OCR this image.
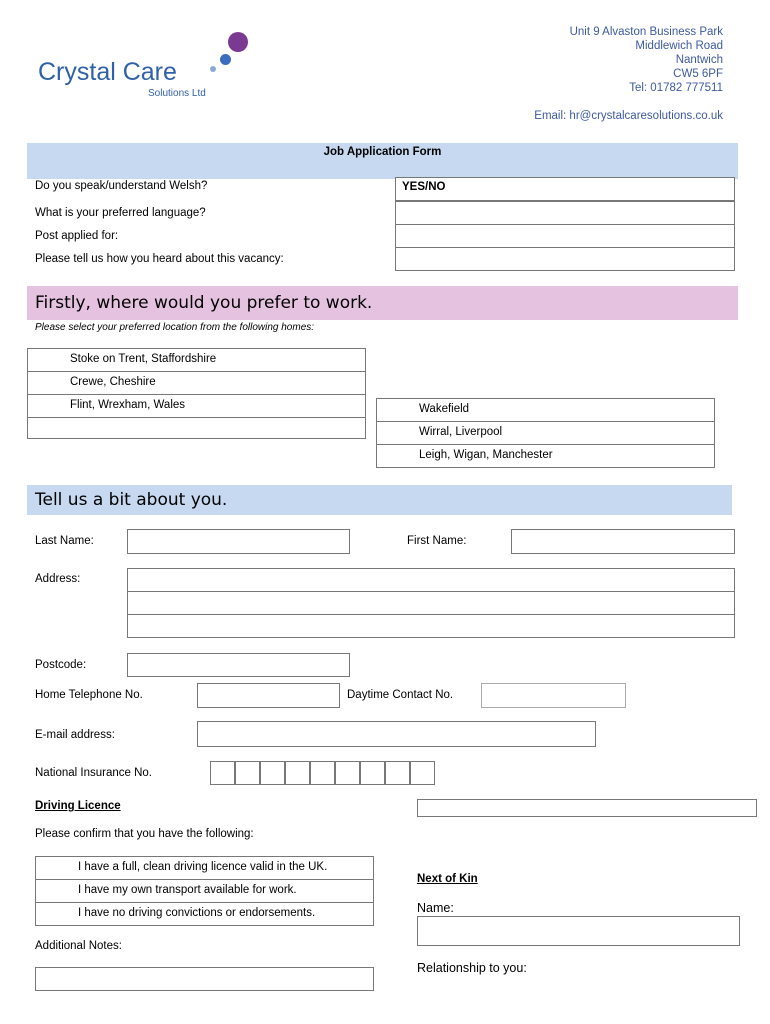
Crystal Care
Solutions Ltd
Unit 9 Alvaston Business Park
Middlewich Road
Nantwich
CW5 6PF
Tel: 01782 777511
Email: hr@crystalcaresolutions.co.uk
Job Application Form
Do you speak/understand Welsh?	YES/NO
What is your preferred language?
Post applied for:
Please tell us how you heard about this vacancy:
Firstly, where would you prefer to work.
Please select your preferred location from the following homes:
Stoke on Trent, Staffordshire
Crewe, Cheshire
Flint, Wrexham, Wales	Wakefield
Wirral, Liverpool
Leigh, Wigan, Manchester
Tell us a bit about you.
Last Name:	First Name:
Address:
Postcode:
Home Telephone No.	Daytime Contact No.
E-mail address:
National Insurance No.
Driving Licence
Please confirm that you have the following:
I have a full, clean driving licence valid in the UK.
I have my own transport available for work.
I have no driving convictions or endorsements.
Additional Notes:
Next of Kin
Name:
Relationship to you:
